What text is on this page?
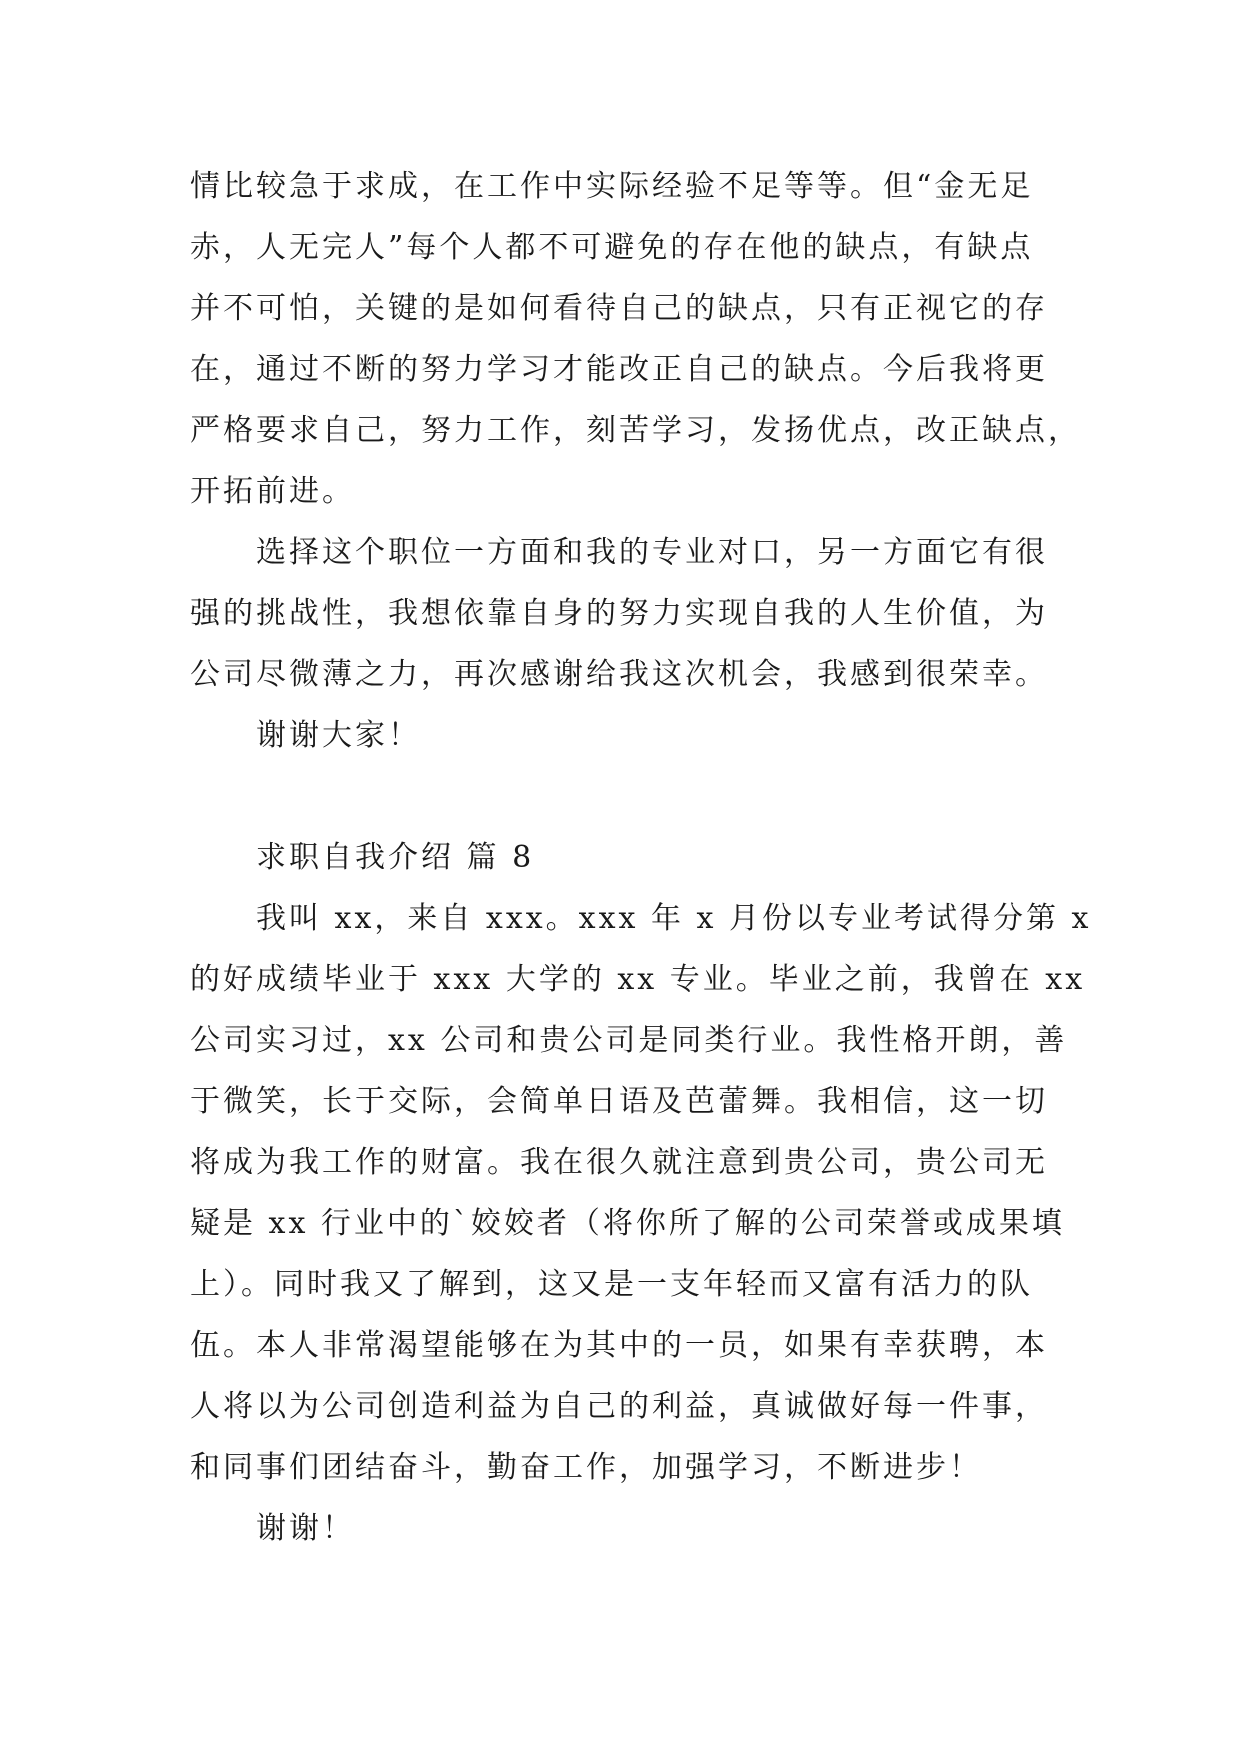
情比较急于求成，在工作中实际经验不足等等。但“金无足
赤，人无完人”每个人都不可避免的存在他的缺点，有缺点
并不可怕，关键的是如何看待自己的缺点，只有正视它的存
在，通过不断的努力学习才能改正自己的缺点。今后我将更
严格要求自己，努力工作，刻苦学习，发扬优点，改正缺点，
开拓前进。
选择这个职位一方面和我的专业对口，另一方面它有很
强的挑战性，我想依靠自身的努力实现自我的人生价值，为
公司尽微薄之力，再次感谢给我这次机会，我感到很荣幸。
谢谢大家！
求职自我介绍 篇 8
我叫 xx，来自 xxx。xxx 年 x 月份以专业考试得分第 x
的好成绩毕业于 xxx 大学的 xx 专业。毕业之前，我曾在 xx
公司实习过，xx 公司和贵公司是同类行业。我性格开朗，善
于微笑，长于交际，会简单日语及芭蕾舞。我相信，这一切
将成为我工作的财富。我在很久就注意到贵公司，贵公司无
疑是 xx 行业中的`姣姣者（将你所了解的公司荣誉或成果填
上）。同时我又了解到，这又是一支年轻而又富有活力的队
伍。本人非常渴望能够在为其中的一员，如果有幸获聘，本
人将以为公司创造利益为自己的利益，真诚做好每一件事，
和同事们团结奋斗，勤奋工作，加强学习，不断进步！
谢谢！
